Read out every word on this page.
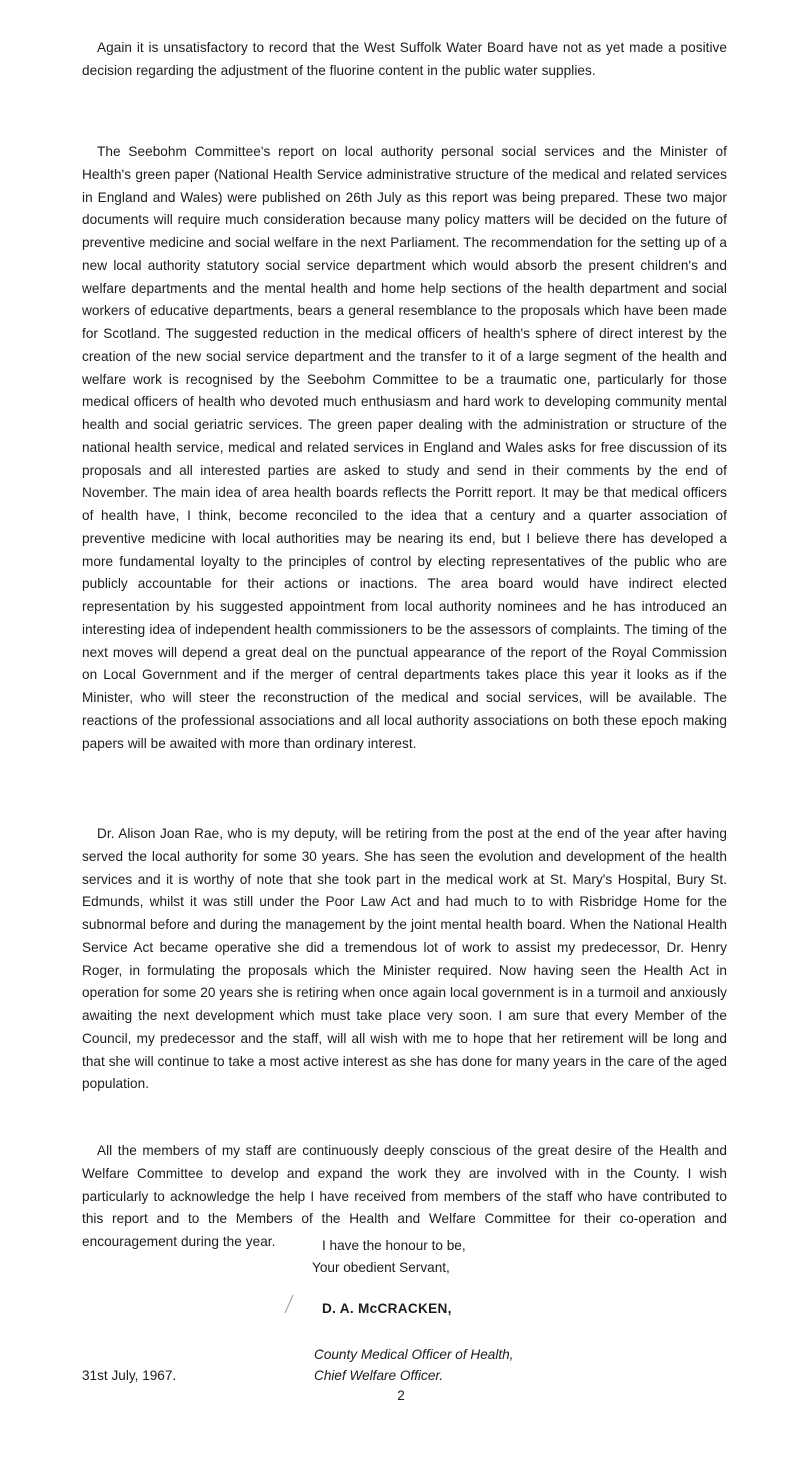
Again it is unsatisfactory to record that the West Suffolk Water Board have not as yet made a positive decision regarding the adjustment of the fluorine content in the public water supplies.

The Seebohm Committee's report on local authority personal social services and the Minister of Health's green paper (National Health Service administrative structure of the medical and related services in England and Wales) were published on 26th July as this report was being prepared. These two major documents will require much consideration because many policy matters will be decided on the future of preventive medicine and social welfare in the next Parliament. The recommendation for the setting up of a new local authority statutory social service department which would absorb the present children's and welfare departments and the mental health and home help sections of the health department and social workers of educative departments, bears a general resemblance to the proposals which have been made for Scotland. The suggested reduction in the medical officers of health's sphere of direct interest by the creation of the new social service department and the transfer to it of a large segment of the health and welfare work is recognised by the Seebohm Committee to be a traumatic one, particularly for those medical officers of health who devoted much enthusiasm and hard work to developing community mental health and social geriatric services. The green paper dealing with the administration or structure of the national health service, medical and related services in England and Wales asks for free discussion of its proposals and all interested parties are asked to study and send in their comments by the end of November. The main idea of area health boards reflects the Porritt report. It may be that medical officers of health have, I think, become reconciled to the idea that a century and a quarter association of preventive medicine with local authorities may be nearing its end, but I believe there has developed a more fundamental loyalty to the principles of control by electing representatives of the public who are publicly accountable for their actions or inactions. The area board would have indirect elected representation by his suggested appointment from local authority nominees and he has introduced an interesting idea of independent health commissioners to be the assessors of complaints. The timing of the next moves will depend a great deal on the punctual appearance of the report of the Royal Commission on Local Government and if the merger of central departments takes place this year it looks as if the Minister, who will steer the reconstruction of the medical and social services, will be available. The reactions of the professional associations and all local authority associations on both these epoch making papers will be awaited with more than ordinary interest.

Dr. Alison Joan Rae, who is my deputy, will be retiring from the post at the end of the year after having served the local authority for some 30 years. She has seen the evolution and development of the health services and it is worthy of note that she took part in the medical work at St. Mary's Hospital, Bury St. Edmunds, whilst it was still under the Poor Law Act and had much to to with Risbridge Home for the subnormal before and during the management by the joint mental health board. When the National Health Service Act became operative she did a tremendous lot of work to assist my predecessor, Dr. Henry Roger, in formulating the proposals which the Minister required. Now having seen the Health Act in operation for some 20 years she is retiring when once again local government is in a turmoil and anxiously awaiting the next development which must take place very soon. I am sure that every Member of the Council, my predecessor and the staff, will all wish with me to hope that her retirement will be long and that she will continue to take a most active interest as she has done for many years in the care of the aged population.

All the members of my staff are continuously deeply conscious of the great desire of the Health and Welfare Committee to develop and expand the work they are involved with in the County. I wish particularly to acknowledge the help I have received from members of the staff who have contributed to this report and to the Members of the Health and Welfare Committee for their co-operation and encouragement during the year.	I have the honour to be,

Your obedient Servant,

D. A. McCRACKEN,

County Medical Officer of Health,

31st July, 1967.	Chief Welfare Officer.

2
